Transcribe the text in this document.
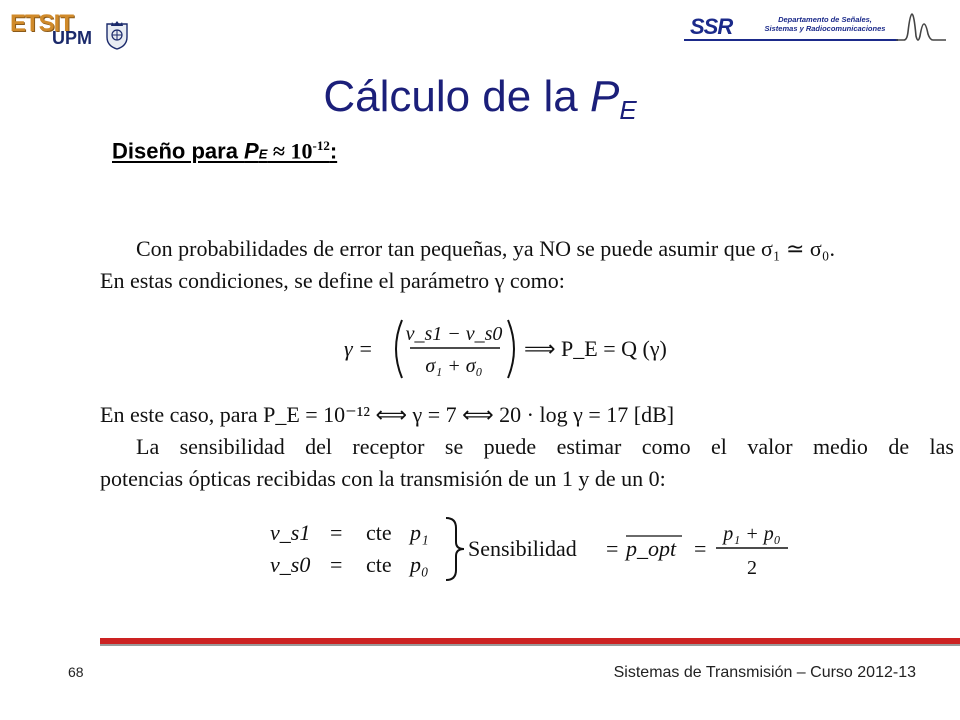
ETSIT
UPM	SSR	Departamento de Señales,
Sistemas y Radiocomunicaciones
Cálculo de la PE
Diseño para PE ≈ $10^{-12}$:
Con probabilidades de error tan pequeñas, ya NO se puede asumir que σ₁ ≃ σ₀.
En estas condiciones, se define el parámetro γ como:
γ =
v_s1 − v_s0
σ₁ + σ₀
⟹ P_E = Q (γ)
En este caso, para P_E = 10⁻¹² ⟺ γ = 7 ⟺ 20 · log γ = 17 [dB]
La sensibilidad del receptor se puede estimar como el valor medio de las
potencias ópticas recibidas con la transmisión de un 1 y de un 0:
v_s1 = cte p₁
v_s0 = cte p₀
Sensibilidad = p_opt =
p₁ + p₀
2
68	Sistemas de Transmisión – Curso 2012-13
